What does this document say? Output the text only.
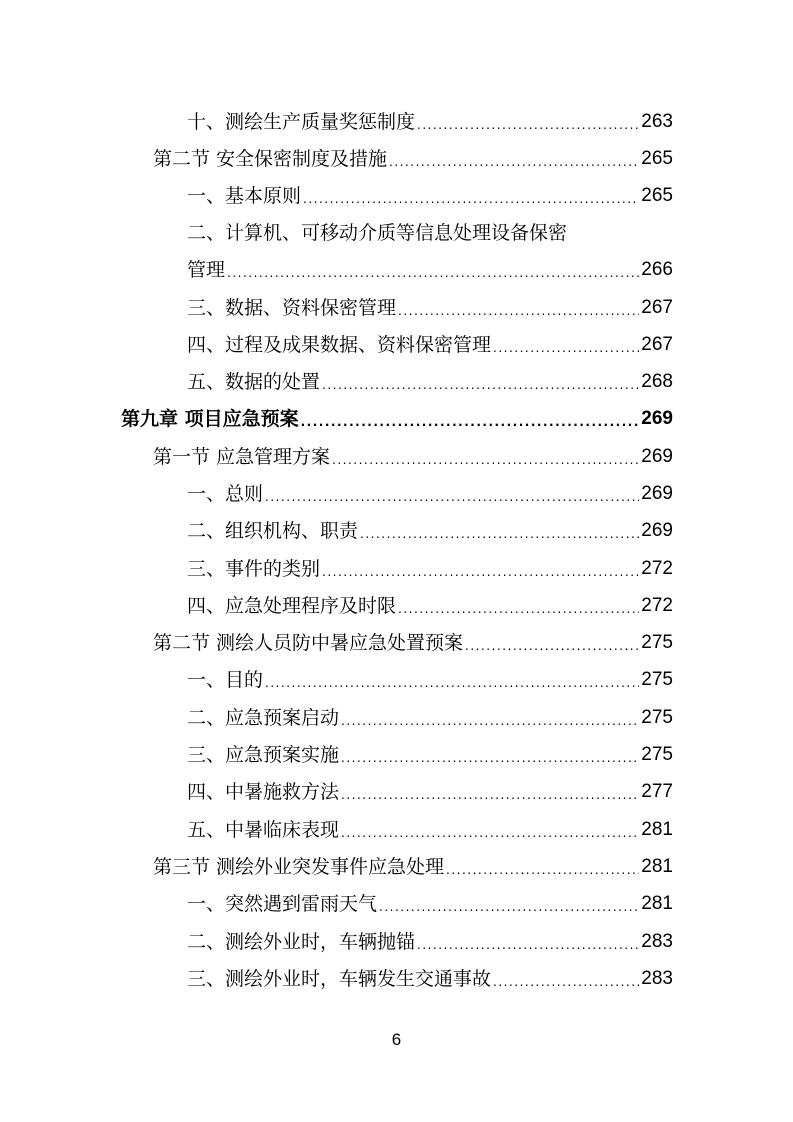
十、测绘生产质量奖惩制度 .....	263
第二节 安全保密制度及措施 .....	265
一、基本原则 .....	265
二、计算机、可移动介质等信息处理设备保密
管理 .....	266
三、数据、资料保密管理 .....	267
四、过程及成果数据、资料保密管理 .....	267
五、数据的处置 .....	268
第九章 项目应急预案 .....	269
第一节 应急管理方案 .....	269
一、总则 .....	269
二、组织机构、职责 .....	269
三、事件的类别 .....	272
四、应急处理程序及时限 .....	272
第二节 测绘人员防中暑应急处置预案 .....	275
一、目的 .....	275
二、应急预案启动 .....	275
三、应急预案实施 .....	275
四、中暑施救方法 .....	277
五、中暑临床表现 .....	281
第三节 测绘外业突发事件应急处理 .....	281
一、突然遇到雷雨天气 .....	281
二、测绘外业时，车辆抛锚 .....	283
三、测绘外业时，车辆发生交通事故 .....	283
6
